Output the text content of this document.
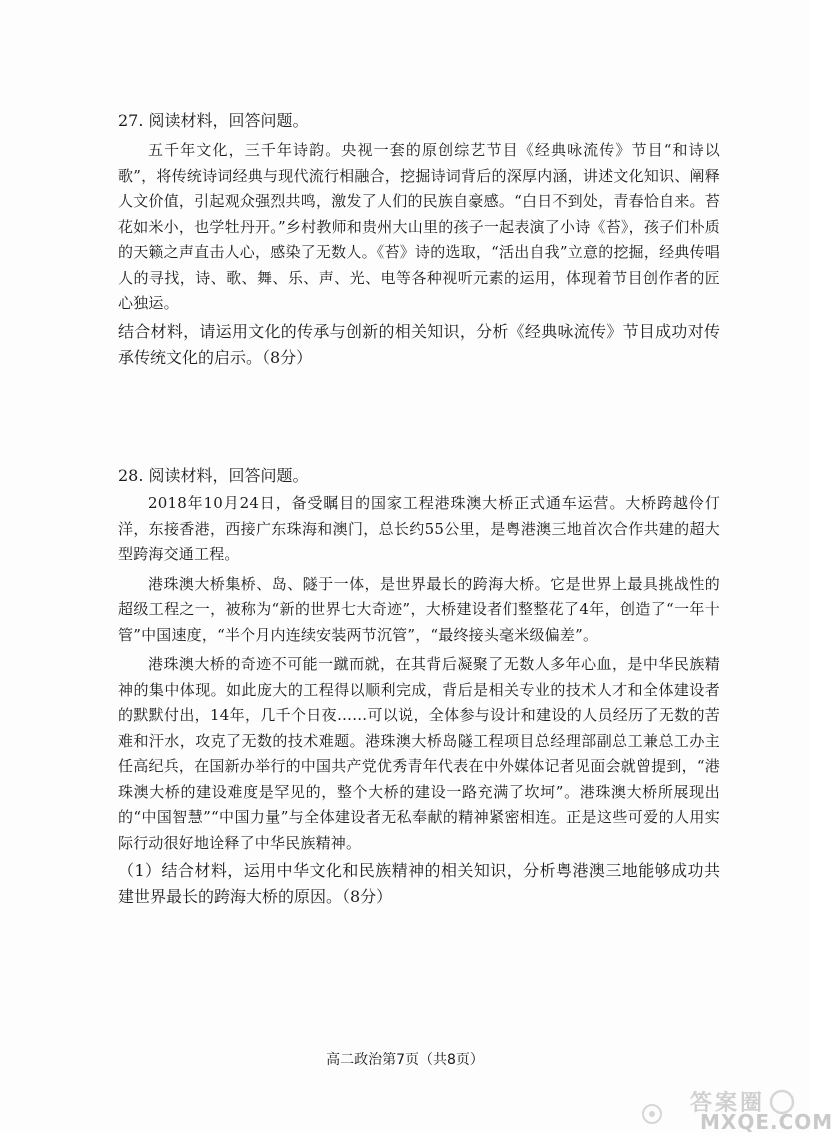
27. 阅读材料，回答问题。

五千年文化，三千年诗韵。央视一套的原创综艺节目《经典咏流传》节目“和诗以歌”，将传统诗词经典与现代流行相融合，挖掘诗词背后的深厚内涵，讲述文化知识、阐释人文价值，引起观众强烈共鸣，激发了人们的民族自豪感。“白日不到处，青春恰自来。苔花如米小，也学牡丹开。”乡村教师和贵州大山里的孩子一起表演了小诗《苔》，孩子们朴质的天籁之声直击人心，感染了无数人。《苔》诗的选取，“活出自我”立意的挖掘，经典传唱人的寻找，诗、歌、舞、乐、声、光、电等各种视听元素的运用，体现着节目创作者的匠心独运。

结合材料，请运用文化的传承与创新的相关知识，分析《经典咏流传》节目成功对传承传统文化的启示。（8分）

28. 阅读材料，回答问题。

2018年10月24日，备受瞩目的国家工程港珠澳大桥正式通车运营。大桥跨越伶仃洋，东接香港，西接广东珠海和澳门，总长约55公里，是粤港澳三地首次合作共建的超大型跨海交通工程。

港珠澳大桥集桥、岛、隧于一体，是世界最长的跨海大桥。它是世界上最具挑战性的超级工程之一，被称为“新的世界七大奇迹”，大桥建设者们整整花了4年，创造了“一年十管”中国速度，“半个月内连续安装两节沉管”，“最终接头毫米级偏差”。

港珠澳大桥的奇迹不可能一蹴而就，在其背后凝聚了无数人多年心血，是中华民族精神的集中体现。如此庞大的工程得以顺利完成，背后是相关专业的技术人才和全体建设者的默默付出，14年，几千个日夜……可以说，全体参与设计和建设的人员经历了无数的苦难和汗水，攻克了无数的技术难题。港珠澳大桥岛隧工程项目总经理部副总工兼总工办主任高纪兵，在国新办举行的中国共产党优秀青年代表在中外媒体记者见面会就曾提到，“港珠澳大桥的建设难度是罕见的，整个大桥的建设一路充满了坎坷”。港珠澳大桥所展现出的“中国智慧”“中国力量”与全体建设者无私奉献的精神紧密相连。正是这些可爱的人用实际行动很好地诠释了中华民族精神。

（1）结合材料，运用中华文化和民族精神的相关知识，分析粤港澳三地能够成功共建世界最长的跨海大桥的原因。（8分）

高二政治第7页（共8页）
答案圈
MXQE.COM
